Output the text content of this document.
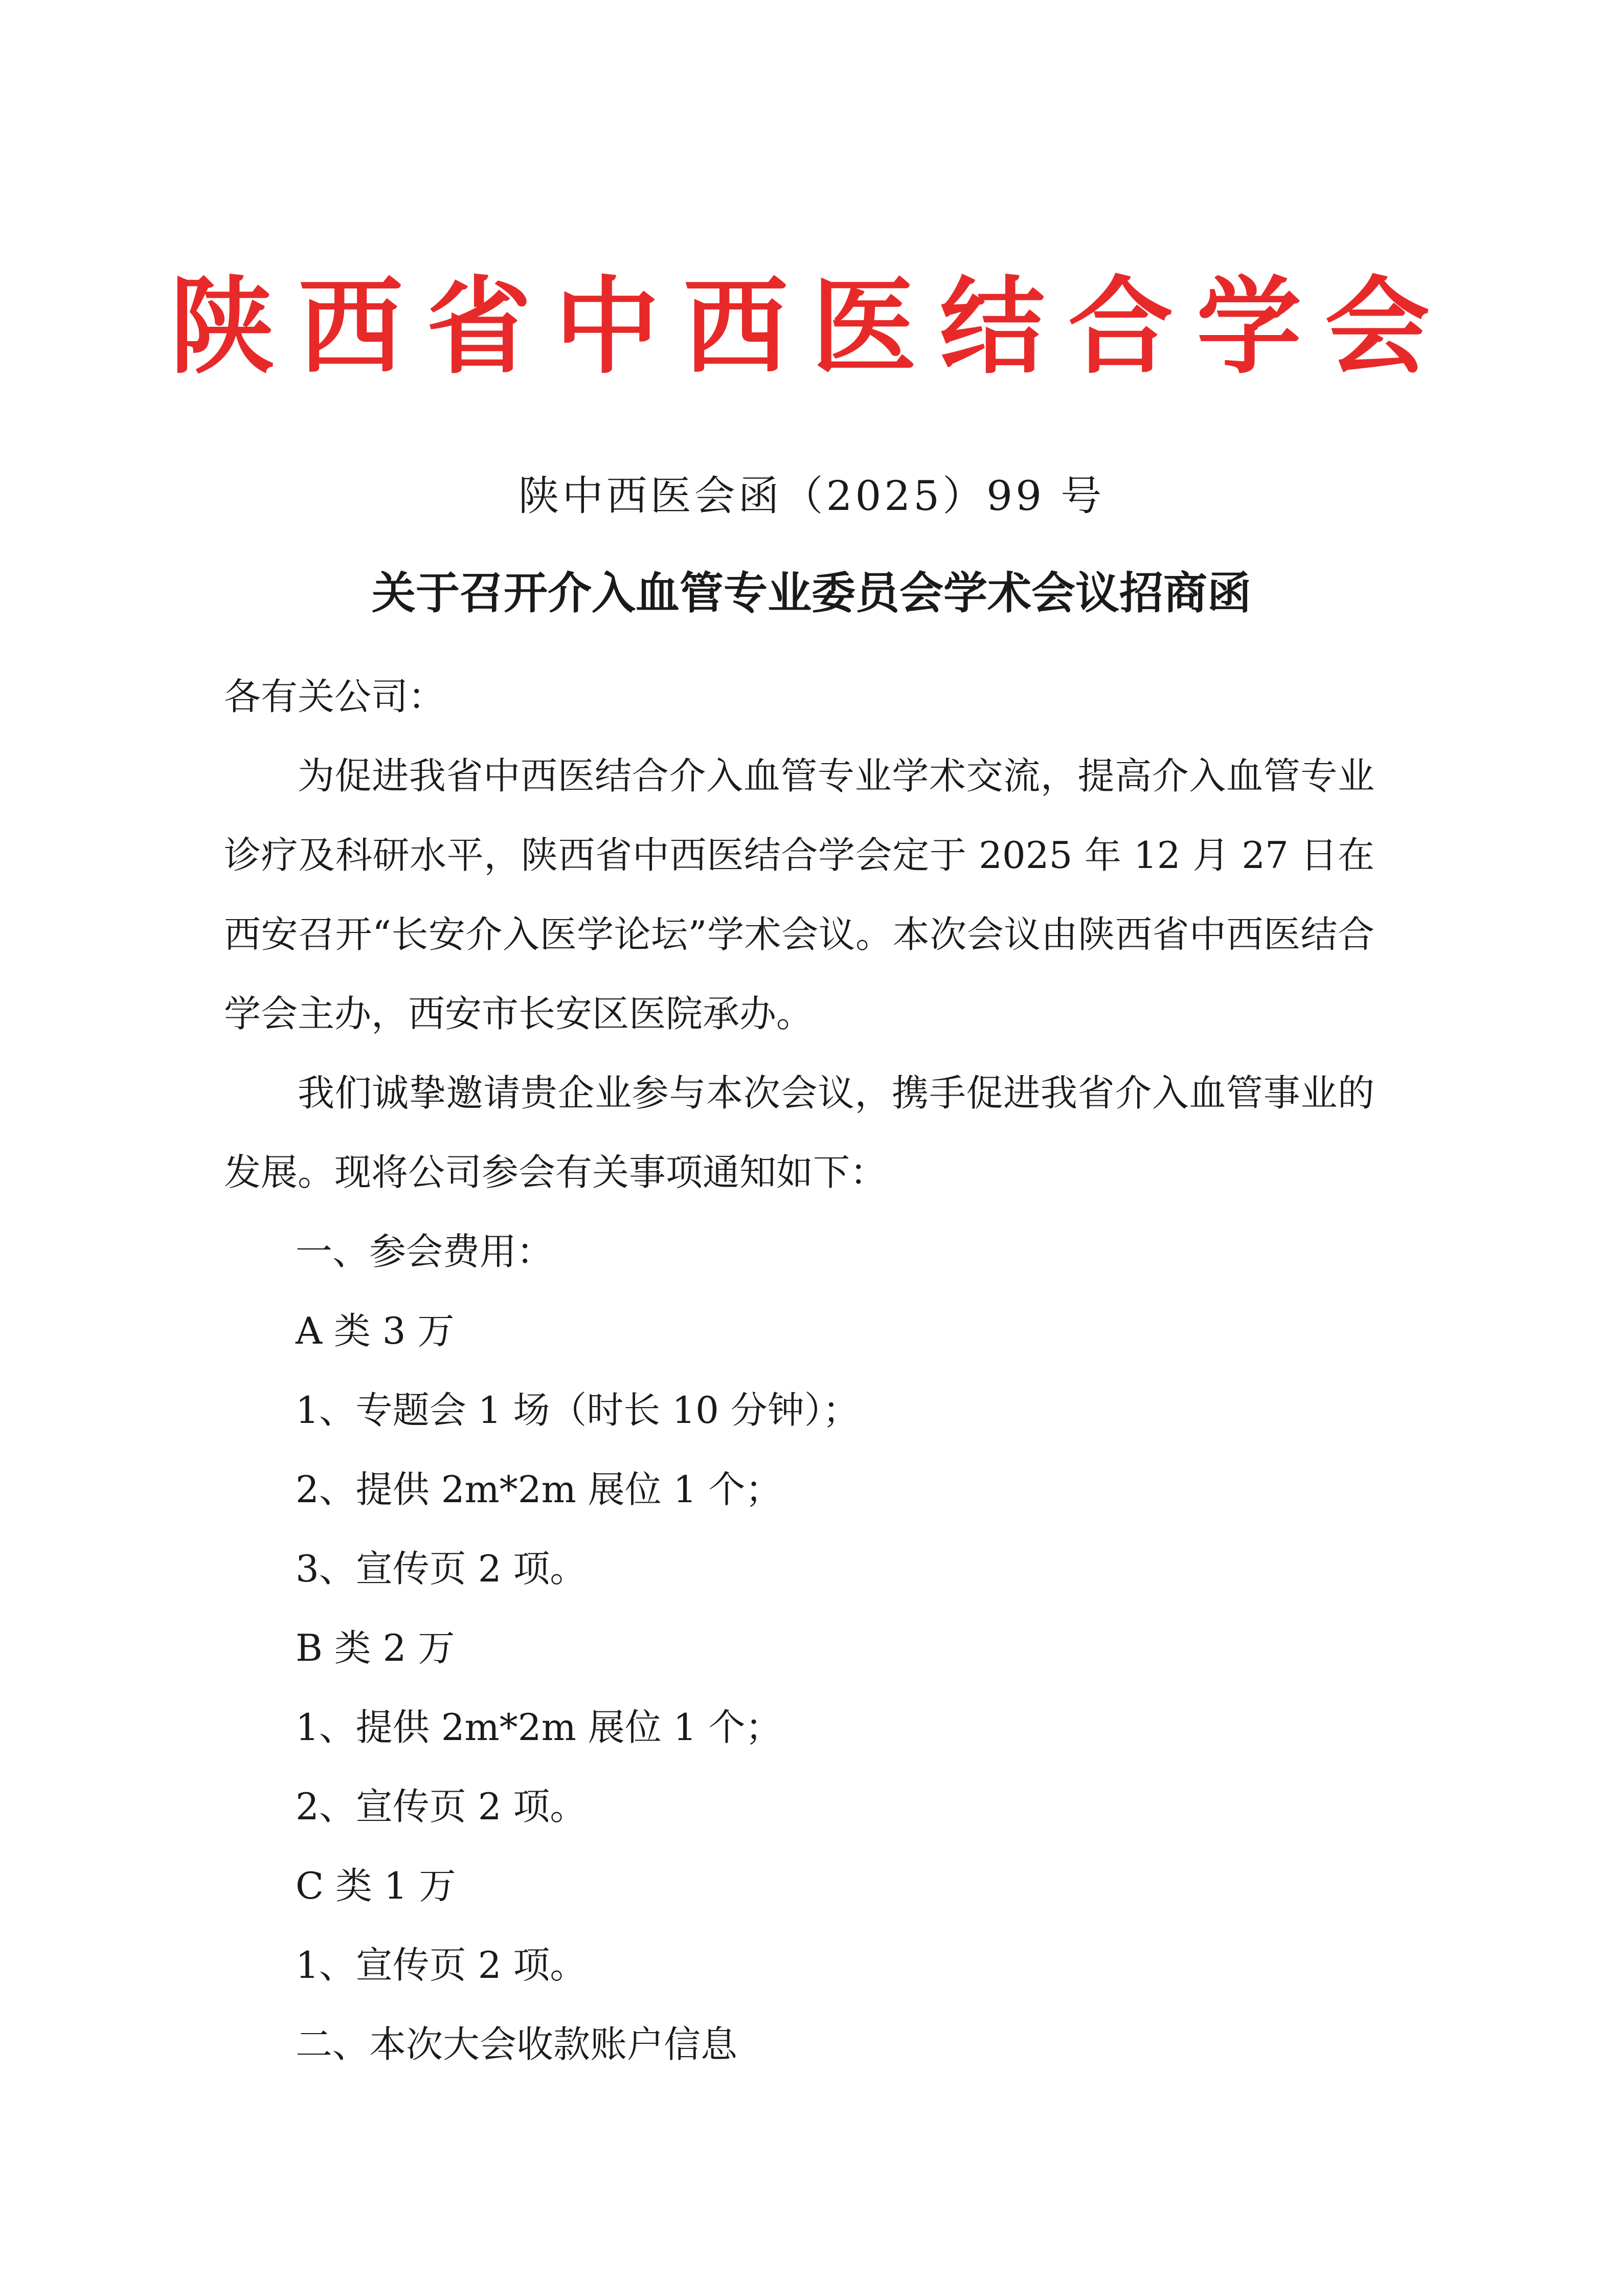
陕西省中西医结合学会
陕中西医会函（2025）99 号
关于召开介入血管专业委员会学术会议招商函

各有关公司：

为促进我省中西医结合介入血管专业学术交流，提高介入血管专业诊疗及科研水平，陕西省中西医结合学会定于 2025 年 12 月 27 日在西安召开“长安介入医学论坛”学术会议。本次会议由陕西省中西医结合学会主办，西安市长安区医院承办。

我们诚挚邀请贵企业参与本次会议，携手促进我省介入血管事业的发展。现将公司参会有关事项通知如下：

一、参会费用：

A 类 3 万

1、专题会 1 场（时长 10 分钟）；

2、提供 2m*2m 展位 1 个；

3、宣传页 2 项。

B 类 2 万

1、提供 2m*2m 展位 1 个；

2、宣传页 2 项。

C 类 1 万

1、宣传页 2 项。

二、本次大会收款账户信息
